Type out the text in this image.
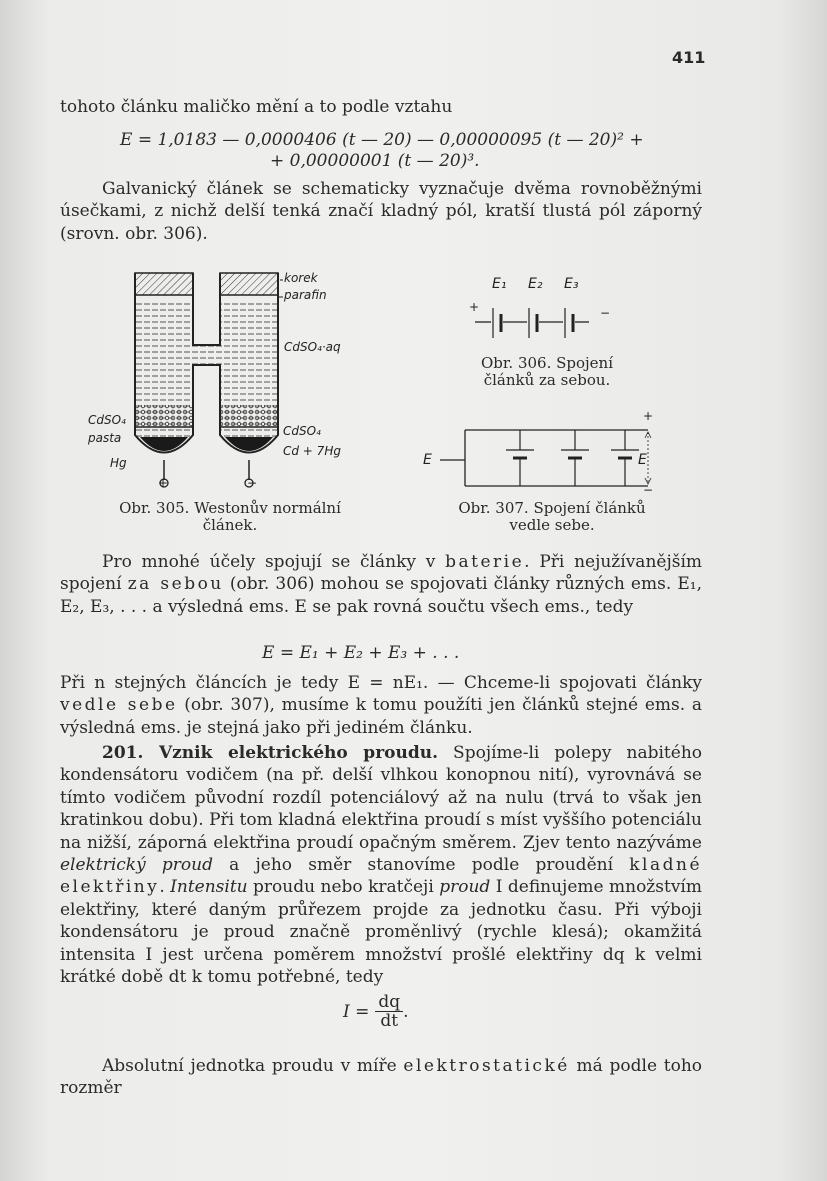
411
tohoto článku maličko mění a to podle vztahu
E = 1,0183 — 0,0000406 (t — 20) — 0,00000095 (t — 20)² +
+ 0,00000001 (t — 20)³.
Galvanický článek se schematicky vyznačuje dvěma rovnoběžnými úsečkami, z nichž delší tenká značí kladný pól, kratší tlustá pól záporný (srovn. obr. 306).
korek
parafin
CdSO₄·aq
CdSO₄
pasta
Hg
CdSO₄
Cd + 7Hg
+	−
Obr. 305. Westonův normální
článek.
E₁ E₂ E₃
+	−
Obr. 306. Spojení
článků za sebou.
E	E
+
−
Obr. 307. Spojení článků
vedle sebe.
Pro mnohé účely spojují se články v baterie. Při nejužívanějším spojení za sebou (obr. 306) mohou se spojovati články různých ems. E₁, E₂, E₃, . . . a výsledná ems. E se pak rovná součtu všech ems., tedy
E = E₁ + E₂ + E₃ + . . .
Při n stejných článcích je tedy E = nE₁. — Chceme-li spojovati články vedle sebe (obr. 307), musíme k tomu použíti jen článků stejné ems. a výsledná ems. je stejná jako při jediném článku.
201. Vznik elektrického proudu. Spojíme-li polepy nabitého kondensátoru vodičem (na př. delší vlhkou konopnou nití), vyrovnává se tímto vodičem původní rozdíl potenciálový až na nulu (trvá to však jen kratinkou dobu). Při tom kladná elektřina proudí s míst vyššího potenciálu na nižší, záporná elektřina proudí opačným směrem. Zjev tento nazýváme elektrický proud a jeho směr stanovíme podle proudění kladné elektřiny. Intensitu proudu nebo kratčeji proud I definujeme množstvím elektřiny, které daným průřezem projde za jednotku času. Při výboji kondensátoru je proud značně proměnlivý (rychle klesá); okamžitá intensita I jest určena poměrem množství prošlé elektřiny dq k velmi krátké době dt k tomu potřebné, tedy
$I = \frac{dq}{dt}$ .
Absolutní jednotka proudu v míře elektrostatické má podle toho rozměr
